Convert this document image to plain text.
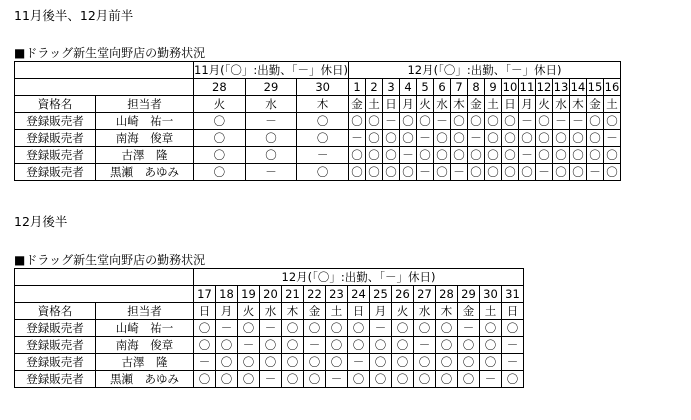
11月後半、12月前半
■ドラッグ新生堂向野店の勤務状況
		11月(「〇」:出勤、「－」休日)			12月(「〇」:出勤、「－」休日)															
		28	29	30	1	2	3	4	5	6	7	8	9	10	11	12	13	14	15	16
資格名	担当者	火	水	木	金	土	日	月	火	水	木	金	土	日	月	火	水	木	金	土
登録販売者	山崎　祐一	〇	－	〇	〇	〇	－	〇	〇	－	〇	〇	〇	〇	－	〇	－	－	〇	〇
登録販売者	南海　俊章	〇	〇	〇	－	〇	〇	〇	－	〇	〇	－	〇	〇	〇	〇	〇	〇	〇	－
登録販売者	古澤　隆	〇	〇	－	〇	〇	〇	－	〇	〇	〇	〇	〇	〇	－	〇	〇	〇	〇	〇
登録販売者	黒瀬　あゆみ	〇	－	〇	〇	〇	〇	〇	－	〇	－	〇	〇	〇	〇	－	〇	〇	－	〇
12月後半
■ドラッグ新生堂向野店の勤務状況
		12月(「〇」:出勤、「－」休日)														
		17	18	19	20	21	22	23	24	25	26	27	28	29	30	31
資格名	担当者	日	月	火	水	木	金	土	日	月	火	水	木	金	土	日
登録販売者	山崎　祐一	〇	－	〇	－	〇	〇	〇	〇	－	〇	〇	〇	－	〇	〇
登録販売者	南海　俊章	〇	〇	－	〇	〇	－	〇	〇	〇	〇	－	〇	〇	〇	－
登録販売者	古澤　隆	－	〇	〇	〇	〇	〇	〇	－	〇	〇	〇	〇	〇	〇	－
登録販売者	黒瀬　あゆみ	〇	〇	〇	－	〇	〇	－	〇	〇	〇	〇	〇	〇	－	〇
